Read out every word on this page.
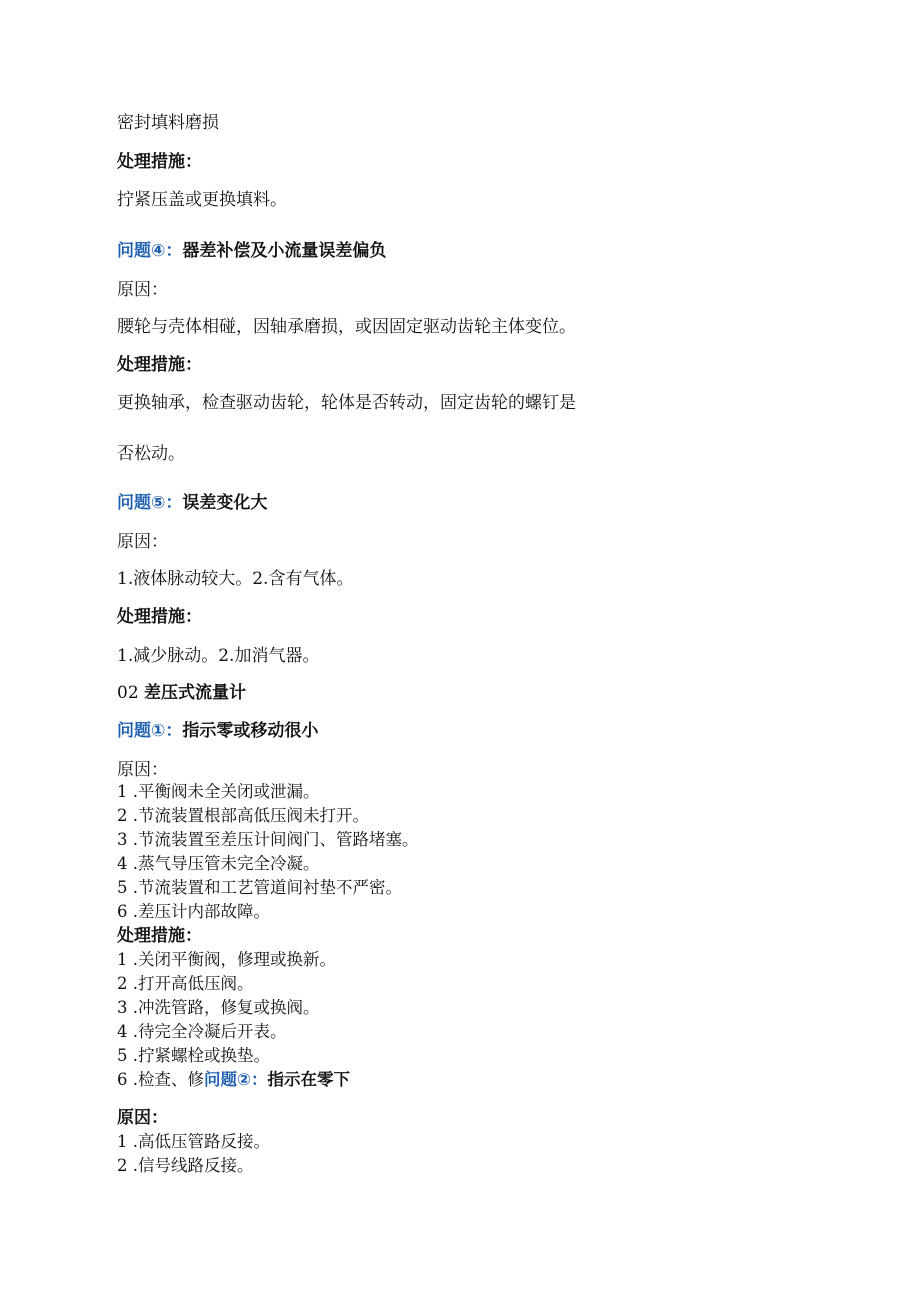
密封填料磨损
处理措施：
拧紧压盖或更换填料。
问题④：器差补偿及小流量误差偏负
原因：
腰轮与壳体相碰，因轴承磨损，或因固定驱动齿轮主体变位。
处理措施：
更换轴承，检查驱动齿轮，轮体是否转动，固定齿轮的螺钉是
否松动。
问题⑤：误差变化大
原因：
1.液体脉动较大。2.含有气体。
处理措施：
1.减少脉动。2.加消气器。
02 差压式流量计
问题①：指示零或移动很小
原因：
1 .平衡阀未全关闭或泄漏。
2 .节流装置根部高低压阀未打开。
3 .节流装置至差压计间阀门、管路堵塞。
4 .蒸气导压管未完全冷凝。
5 .节流装置和工艺管道间衬垫不严密。
6 .差压计内部故障。
处理措施：
1 .关闭平衡阀，修理或换新。
2 .打开高低压阀。
3 .冲洗管路，修复或换阀。
4 .待完全冷凝后开表。
5 .拧紧螺栓或换垫。
6 .检查、修问题②：指示在零下
原因：
1 .高低压管路反接。
2 .信号线路反接。
